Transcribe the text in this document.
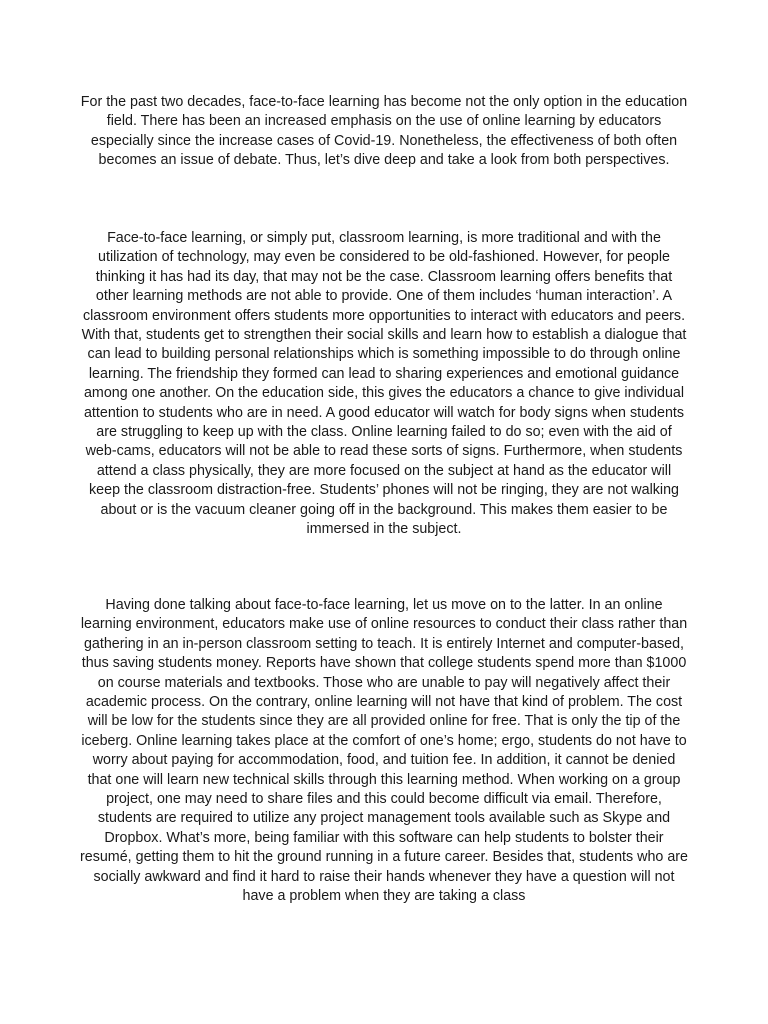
For the past two decades, face-to-face learning has become not the only option in the education field. There has been an increased emphasis on the use of online learning by educators especially since the increase cases of Covid-19. Nonetheless, the effectiveness of both often becomes an issue of debate. Thus, let’s dive deep and take a look from both perspectives.

Face-to-face learning, or simply put, classroom learning, is more traditional and with the utilization of technology, may even be considered to be old-fashioned. However, for people thinking it has had its day, that may not be the case. Classroom learning offers benefits that other learning methods are not able to provide. One of them includes ‘human interaction’. A classroom environment offers students more opportunities to interact with educators and peers. With that, students get to strengthen their social skills and learn how to establish a dialogue that can lead to building personal relationships which is something impossible to do through online learning. The friendship they formed can lead to sharing experiences and emotional guidance among one another. On the education side, this gives the educators a chance to give individual attention to students who are in need. A good educator will watch for body signs when students are struggling to keep up with the class. Online learning failed to do so; even with the aid of web-cams, educators will not be able to read these sorts of signs. Furthermore, when students attend a class physically, they are more focused on the subject at hand as the educator will keep the classroom distraction-free. Students’ phones will not be ringing, they are not walking about or is the vacuum cleaner going off in the background. This makes them easier to be immersed in the subject.

Having done talking about face-to-face learning, let us move on to the latter. In an online learning environment, educators make use of online resources to conduct their class rather than gathering in an in-person classroom setting to teach. It is entirely Internet and computer-based, thus saving students money. Reports have shown that college students spend more than $1000 on course materials and textbooks. Those who are unable to pay will negatively affect their academic process. On the contrary, online learning will not have that kind of problem. The cost will be low for the students since they are all provided online for free. That is only the tip of the iceberg. Online learning takes place at the comfort of one’s home; ergo, students do not have to worry about paying for accommodation, food, and tuition fee. In addition, it cannot be denied that one will learn new technical skills through this learning method. When working on a group project, one may need to share files and this could become difficult via email. Therefore, students are required to utilize any project management tools available such as Skype and Dropbox. What’s more, being familiar with this software can help students to bolster their resumé, getting them to hit the ground running in a future career. Besides that, students who are socially awkward and find it hard to raise their hands whenever they have a question will not have a problem when they are taking a class
